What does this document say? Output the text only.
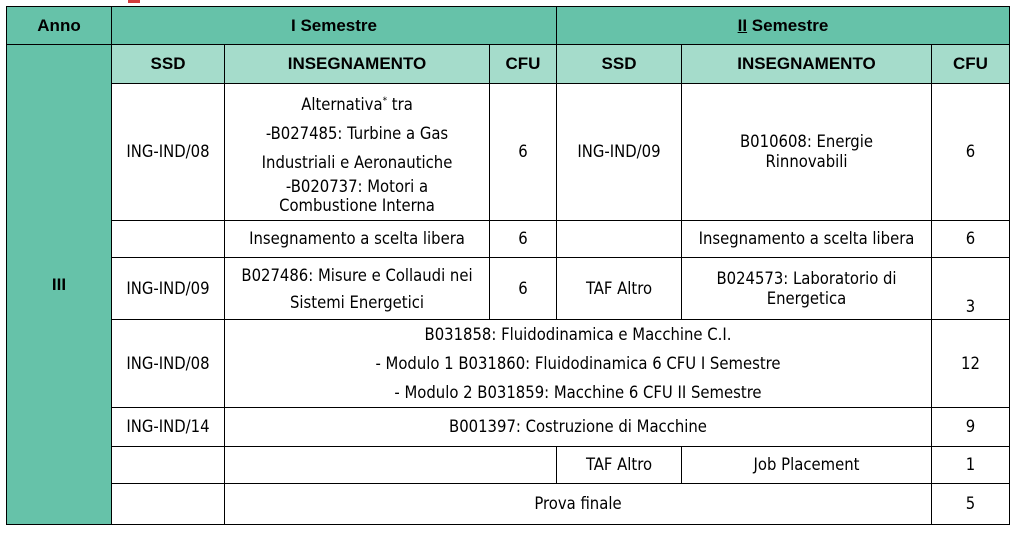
Anno	I Semestre			II Semestre		
III	SSD	INSEGNAMENTO	CFU	SSD	INSEGNAMENTO	CFU
	ING-IND/08	Alternativa* tra
-B027485: Turbine a Gas
Industriali e Aeronautiche
-B020737: Motori a
Combustione Interna	6	ING-IND/09	B010608: Energie Rinnovabili	6
		Insegnamento a scelta libera	6		Insegnamento a scelta libera	6
	ING-IND/09	B027486: Misure e Collaudi nei Sistemi Energetici	6	TAF Altro	B024573: Laboratorio di Energetica	3
	ING-IND/08	B031858: Fluidodinamica e Macchine C.I.
- Modulo 1 B031860: Fluidodinamica 6 CFU I Semestre
- Modulo 2 B031859: Macchine 6 CFU II Semestre				12
	ING-IND/14	B001397: Costruzione di Macchine				9
				TAF Altro	Job Placement	1
		Prova finale				5
